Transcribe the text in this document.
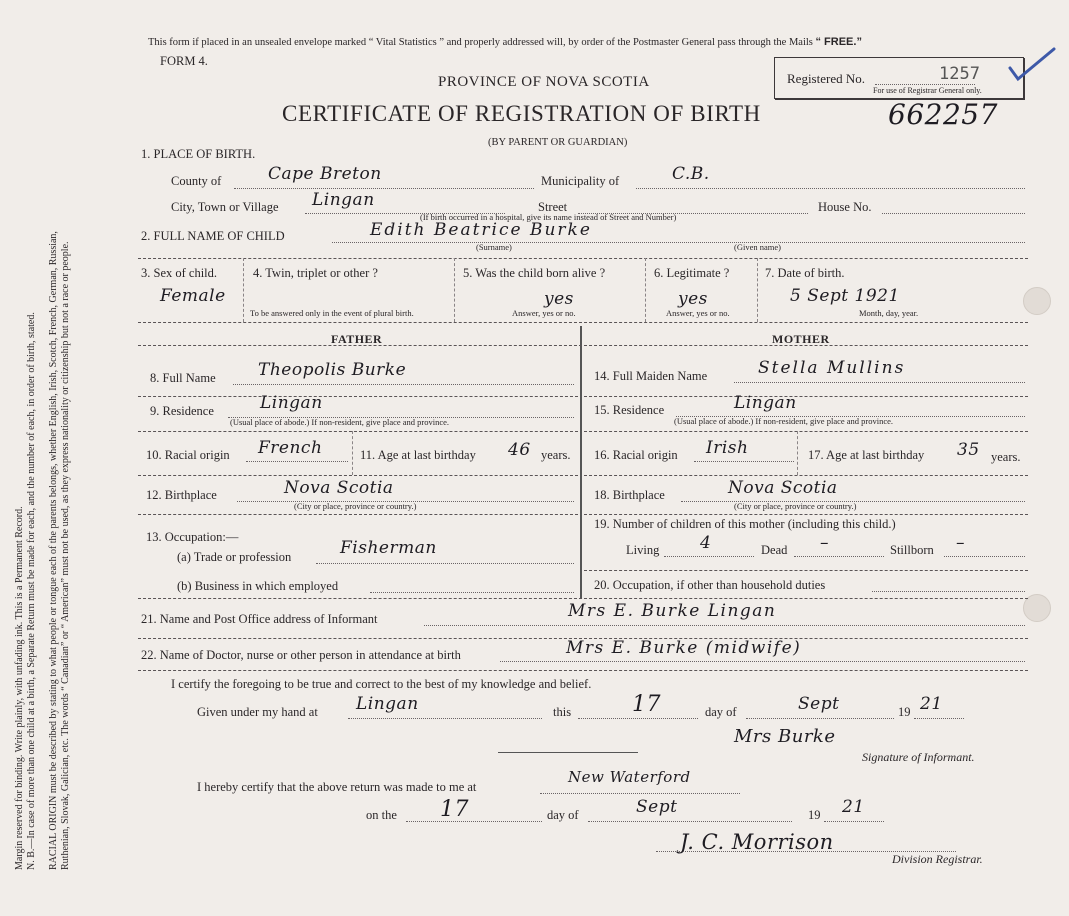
Margin reserved for binding. Write plainly, with unfading ink. This is a Permanent Record. N. B.—In case of more than one child at a birth, a Separate Return must be made for each, and the number of each, in order of birth, stated. RACIAL ORIGIN must be described by stating to what people or tongue each of the parents belongs, whether English, Irish, Scotch, French, German, Russian, Ruthenian, Slovak, Galician, etc. The words “ Canadian” or “ American” must not be used, as they express nationality or citizenship but not a race or people.
This form if placed in an unsealed envelope marked “ Vital Statistics ” and properly addressed will, by order of the Postmaster General pass through the Mails “ FREE.”
FORM 4.
PROVINCE OF NOVA SCOTIA
CERTIFICATE OF REGISTRATION OF BIRTH	662257
(BY PARENT OR GUARDIAN)
Registered No.	1257
For use of Registrar General only.
1. PLACE OF BIRTH.
County of	Cape Breton	Municipality of	C.B.
City, Town or Village Lingan	Street	House No.
(If birth occurred in a hospital, give its name instead of Street and Number)
2. FULL NAME OF CHILD	Edith Beatrice Burke
(Surname)	(Given name)
3. Sex of child.
Female
4. Twin, triplet or other ?
To be answered only in the event of plural birth.
5. Was the child born alive ?
yes
Answer, yes or no.
6. Legitimate ?
yes
Answer, yes or no.
7. Date of birth.
5 Sept 1921
Month, day, year.
FATHER	MOTHER
8. Full Name Theopolis Burke
9. Residence	Lingan
(Usual place of abode.) If non-resident, give place and province.
10. Racial origin French	11. Age at last birthday 46 years.
12. Birthplace	Nova Scotia
(City or place, province or country.)
13. Occupation:—
(a) Trade or profession	Fisherman
(b) Business in which employed
14. Full Maiden Name	Stella Mullins
15. Residence	Lingan
(Usual place of abode.) If non-resident, give place and province.
16. Racial origin Irish	17. Age at last birthday 35 years.
18. Birthplace	Nova Scotia
(City or place, province or country.)
19. Number of children of this mother (including this child.)
Living 4	Dead –	Stillborn –
20. Occupation, if other than household duties
21. Name and Post Office address of Informant	Mrs E. Burke Lingan
22. Name of Doctor, nurse or other person in attendance at birth	Mrs E. Burke (midwife)
I certify the foregoing to be true and correct to the best of my knowledge and belief.
Given under my hand at Lingan	this	17	day of	Sept	19 21
Mrs Burke
Signature of Informant.
I hereby certify that the above return was made to me at
New Waterford
on the 17	day of	Sept	19 21
J. C. Morrison
Division Registrar.
